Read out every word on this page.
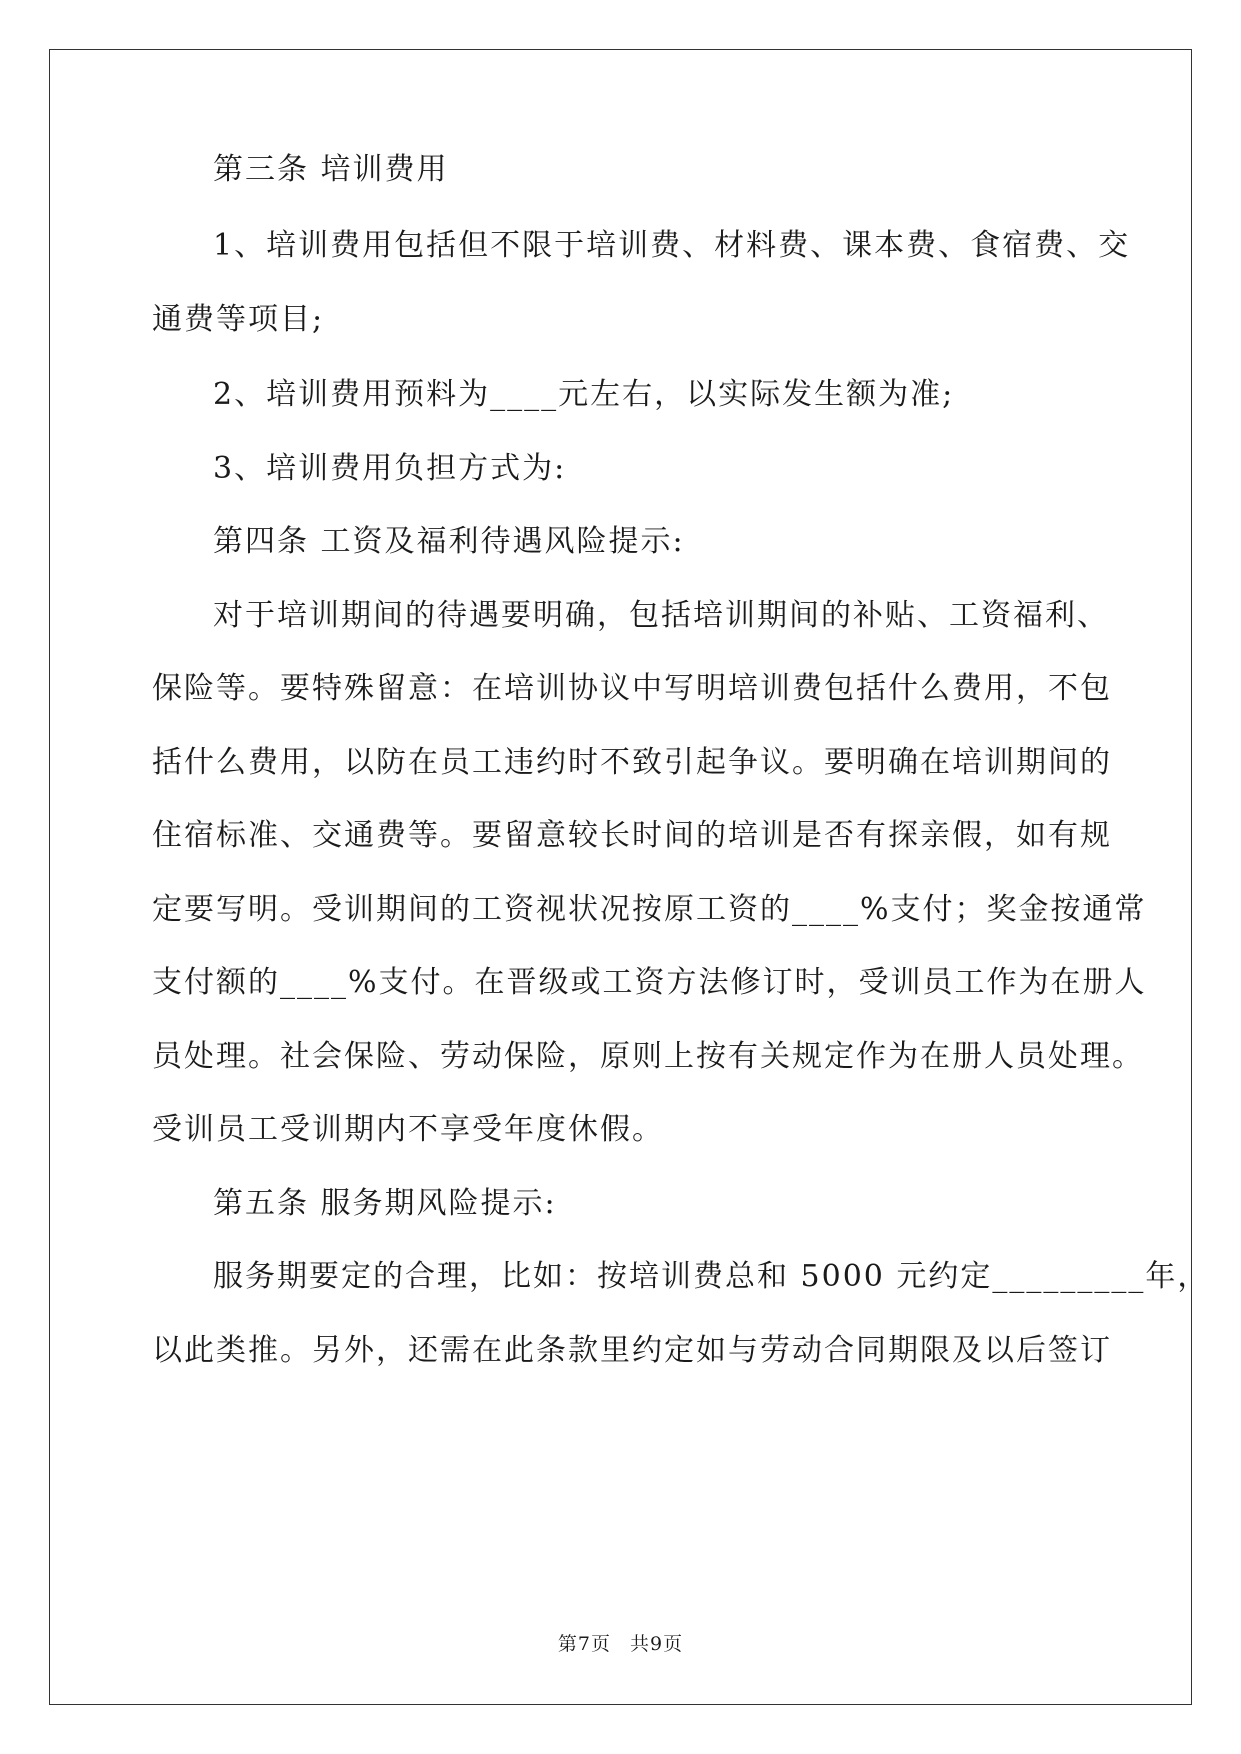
第三条 培训费用
1、培训费用包括但不限于培训费、材料费、课本费、食宿费、交
通费等项目;
2、培训费用预料为____元左右，以实际发生额为准;
3、培训费用负担方式为:
第四条 工资及福利待遇风险提示:
对于培训期间的待遇要明确，包括培训期间的补贴、工资福利、
保险等。要特殊留意：在培训协议中写明培训费包括什么费用，不包
括什么费用，以防在员工违约时不致引起争议。要明确在培训期间的
住宿标准、交通费等。要留意较长时间的培训是否有探亲假，如有规
定要写明。受训期间的工资视状况按原工资的____%支付；奖金按通常
支付额的____%支付。在晋级或工资方法修订时，受训员工作为在册人
员处理。社会保险、劳动保险，原则上按有关规定作为在册人员处理。
受训员工受训期内不享受年度休假。
第五条 服务期风险提示:
服务期要定的合理，比如：按培训费总和 5000 元约定_________年，
以此类推。另外，还需在此条款里约定如与劳动合同期限及以后签订
第7页 共9页
